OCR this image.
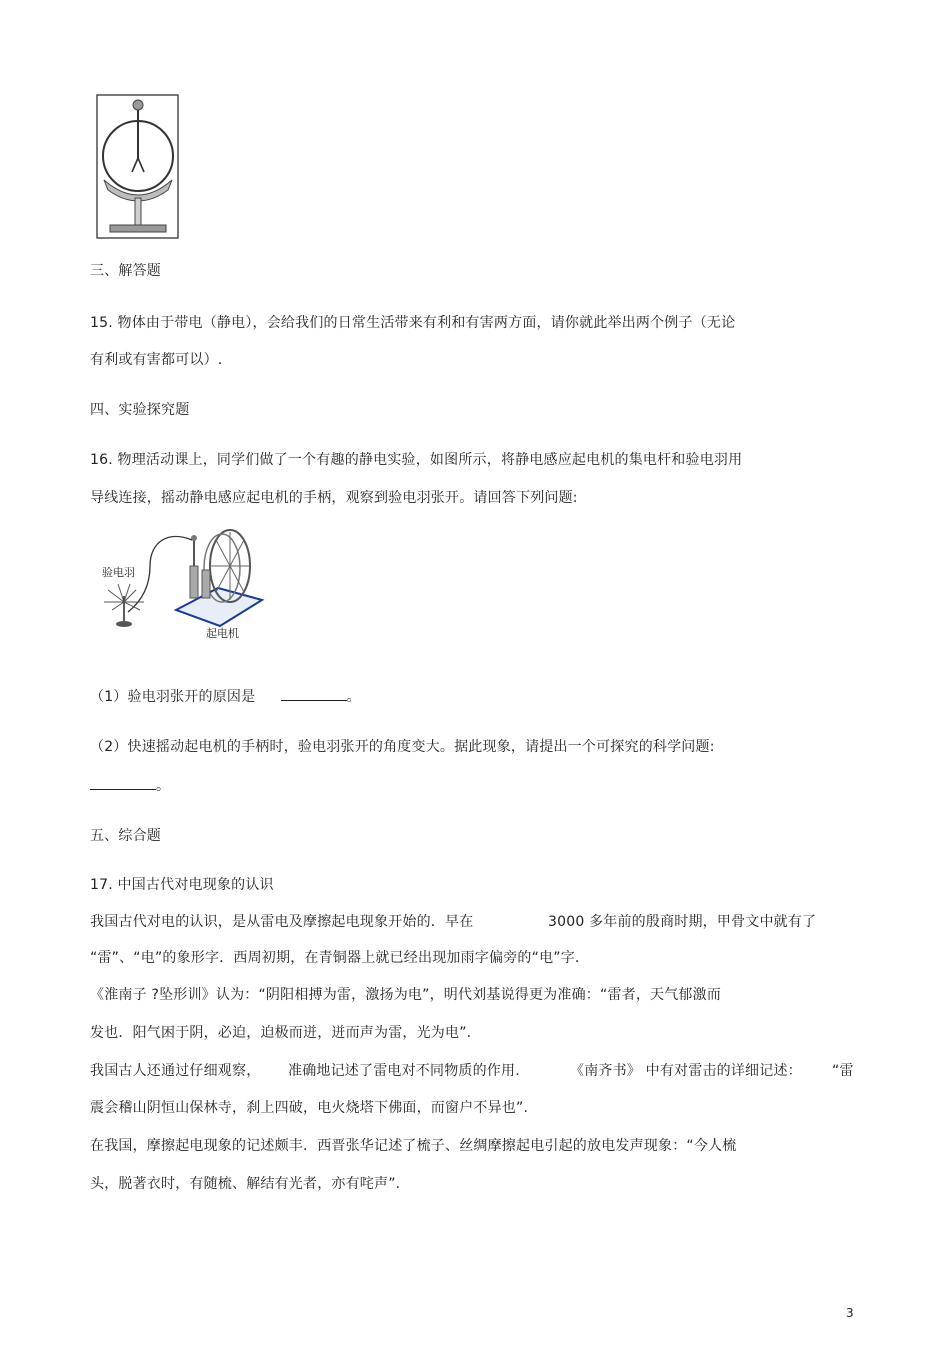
三、解答题
15. 物体由于带电（静电），会给我们的日常生活带来有利和有害两方面，请你就此举出两个例子（无论
有利或有害都可以）.
四、实验探究题
16. 物理活动课上，同学们做了一个有趣的静电实验，如图所示，将静电感应起电机的集电杆和验电羽用
导线连接，摇动静电感应起电机的手柄，观察到验电羽张开。请回答下列问题:
验电羽
起电机
（1）验电羽张开的原因是	。
（2）快速摇动起电机的手柄时，验电羽张开的角度变大。据此现象，请提出一个可探究的科学问题:
。
五、综合题
17. 中国古代对电现象的认识
我国古代对电的认识，是从雷电及摩擦起电现象开始的．早在	3000 多年前的殷商时期，甲骨文中就有了
“雷”、“电”的象形字．西周初期，在青铜器上就已经出现加雨字偏旁的“电”字.
《淮南子 ?坠形训》认为：“阴阳相搏为雷，激扬为电”，明代刘基说得更为准确：“雷者，天气郁激而
发也．阳气困于阴，必迫，迫极而迸，迸而声为雷，光为电”.
我国古人还通过仔细观察， 准确地记述了雷电对不同物质的作用.	《南齐书》 中有对雷击的详细记述： “雷
震会稽山阴恒山保林寺，刹上四破，电火烧塔下佛面，而窗户不异也”.
在我国，摩擦起电现象的记述颇丰．西晋张华记述了梳子、丝绸摩擦起电引起的放电发声现象：“今人梳
头，脱著衣时，有随梳、解结有光者，亦有咤声”.
3
